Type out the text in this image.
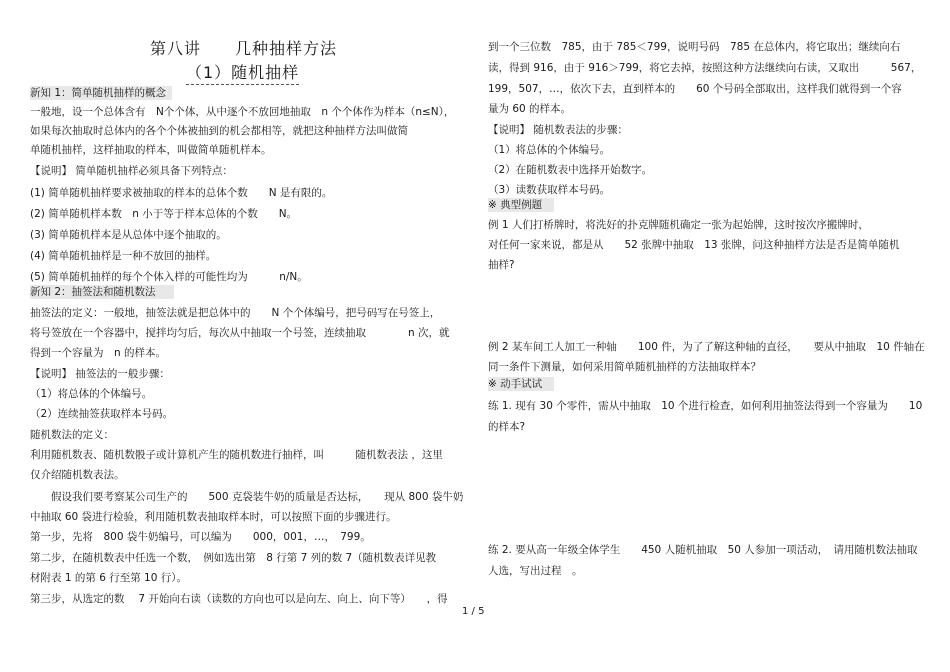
第八讲　　几种抽样方法
（1）随机抽样
新知 1：简单随机抽样的概念
一般地，设一个总体含有　N个个体，从中逐个不放回地抽取　n 个个体作为样本（n≤N），
如果每次抽取时总体内的各个个体被抽到的机会都相等，就把这种抽样方法叫做简
单随机抽样，这样抽取的样本，叫做简单随机样本。
【说明】 简单随机抽样必须具备下列特点：
(1) 简单随机抽样要求被抽取的样本的总体个数　　N 是有限的。
(2) 简单随机样本数　n 小于等于样本总体的个数　　N。
(3) 简单随机样本是从总体中逐个抽取的。
(4) 简单随机抽样是一种不放回的抽样。
(5) 简单随机抽样的每个个体入样的可能性均为　　　n/N。
新知 2：抽签法和随机数法
抽签法的定义：一般地，抽签法就是把总体中的　　N 个个体编号，把号码写在号签上，
将号签放在一个容器中，搅拌均匀后，每次从中抽取一个号签，连续抽取　　　　n 次，就
得到一个容量为　n 的样本。
【说明】 抽签法的一般步骤：
（1）将总体的个体编号。
（2）连续抽签获取样本号码。
随机数法的定义：
利用随机数表、随机数骰子或计算机产生的随机数进行抽样，叫　　　随机数表法 ，这里
仅介绍随机数表法。
　　假设我们要考察某公司生产的　　500 克袋装牛奶的质量是否达标，　　现从 800 袋牛奶
中抽取 60 袋进行检验，利用随机数表抽取样本时，可以按照下面的步骤进行。
第一步，先将　800 袋牛奶编号，可以编为　　000，001，…，　799。
第二步，在随机数表中任选一个数，　例如选出第　8 行第 7 列的数 7（随机数表详见教
材附表 1 的第 6 行至第 10 行）。
第三步，从选定的数　 7 开始向右读（读数的方向也可以是向左、向上、向下等）　　，得
到一个三位数　785，由于 785＜799，说明号码　785 在总体内，将它取出；继续向右
读，得到 916，由于 916＞799，将它去掉，按照这种方法继续向右读，又取出　　　567，
199，507，…，依次下去，直到样本的　　60 个号码全部取出，这样我们就得到一个容
量为 60 的样本。
【说明】 随机数表法的步骤：
（1）将总体的个体编号。
（2）在随机数表中选择开始数字。
（3）读数获取样本号码。
※ 典型例题
例 1 人们打桥牌时，将洗好的扑克牌随机确定一张为起始牌，这时按次序搬牌时，
对任何一家来说，都是从　　52 张牌中抽取　13 张牌，问这种抽样方法是否是简单随机
抽样?
例 2 某车间工人加工一种轴　　100 件，为了了解这种轴的直径，　　要从中抽取　10 件轴在
同一条件下测量，如何采用简单随机抽样的方法抽取样本？
※ 动手试试
练 1. 现有 30 个零件，需从中抽取　10 个进行检查，如何利用抽签法得到一个容量为　　10
的样本?
练 2. 要从高一年级全体学生　　450 人随机抽取　50 人参加一项活动，　请用随机数法抽取
人选，写出过程　。
1 / 5
